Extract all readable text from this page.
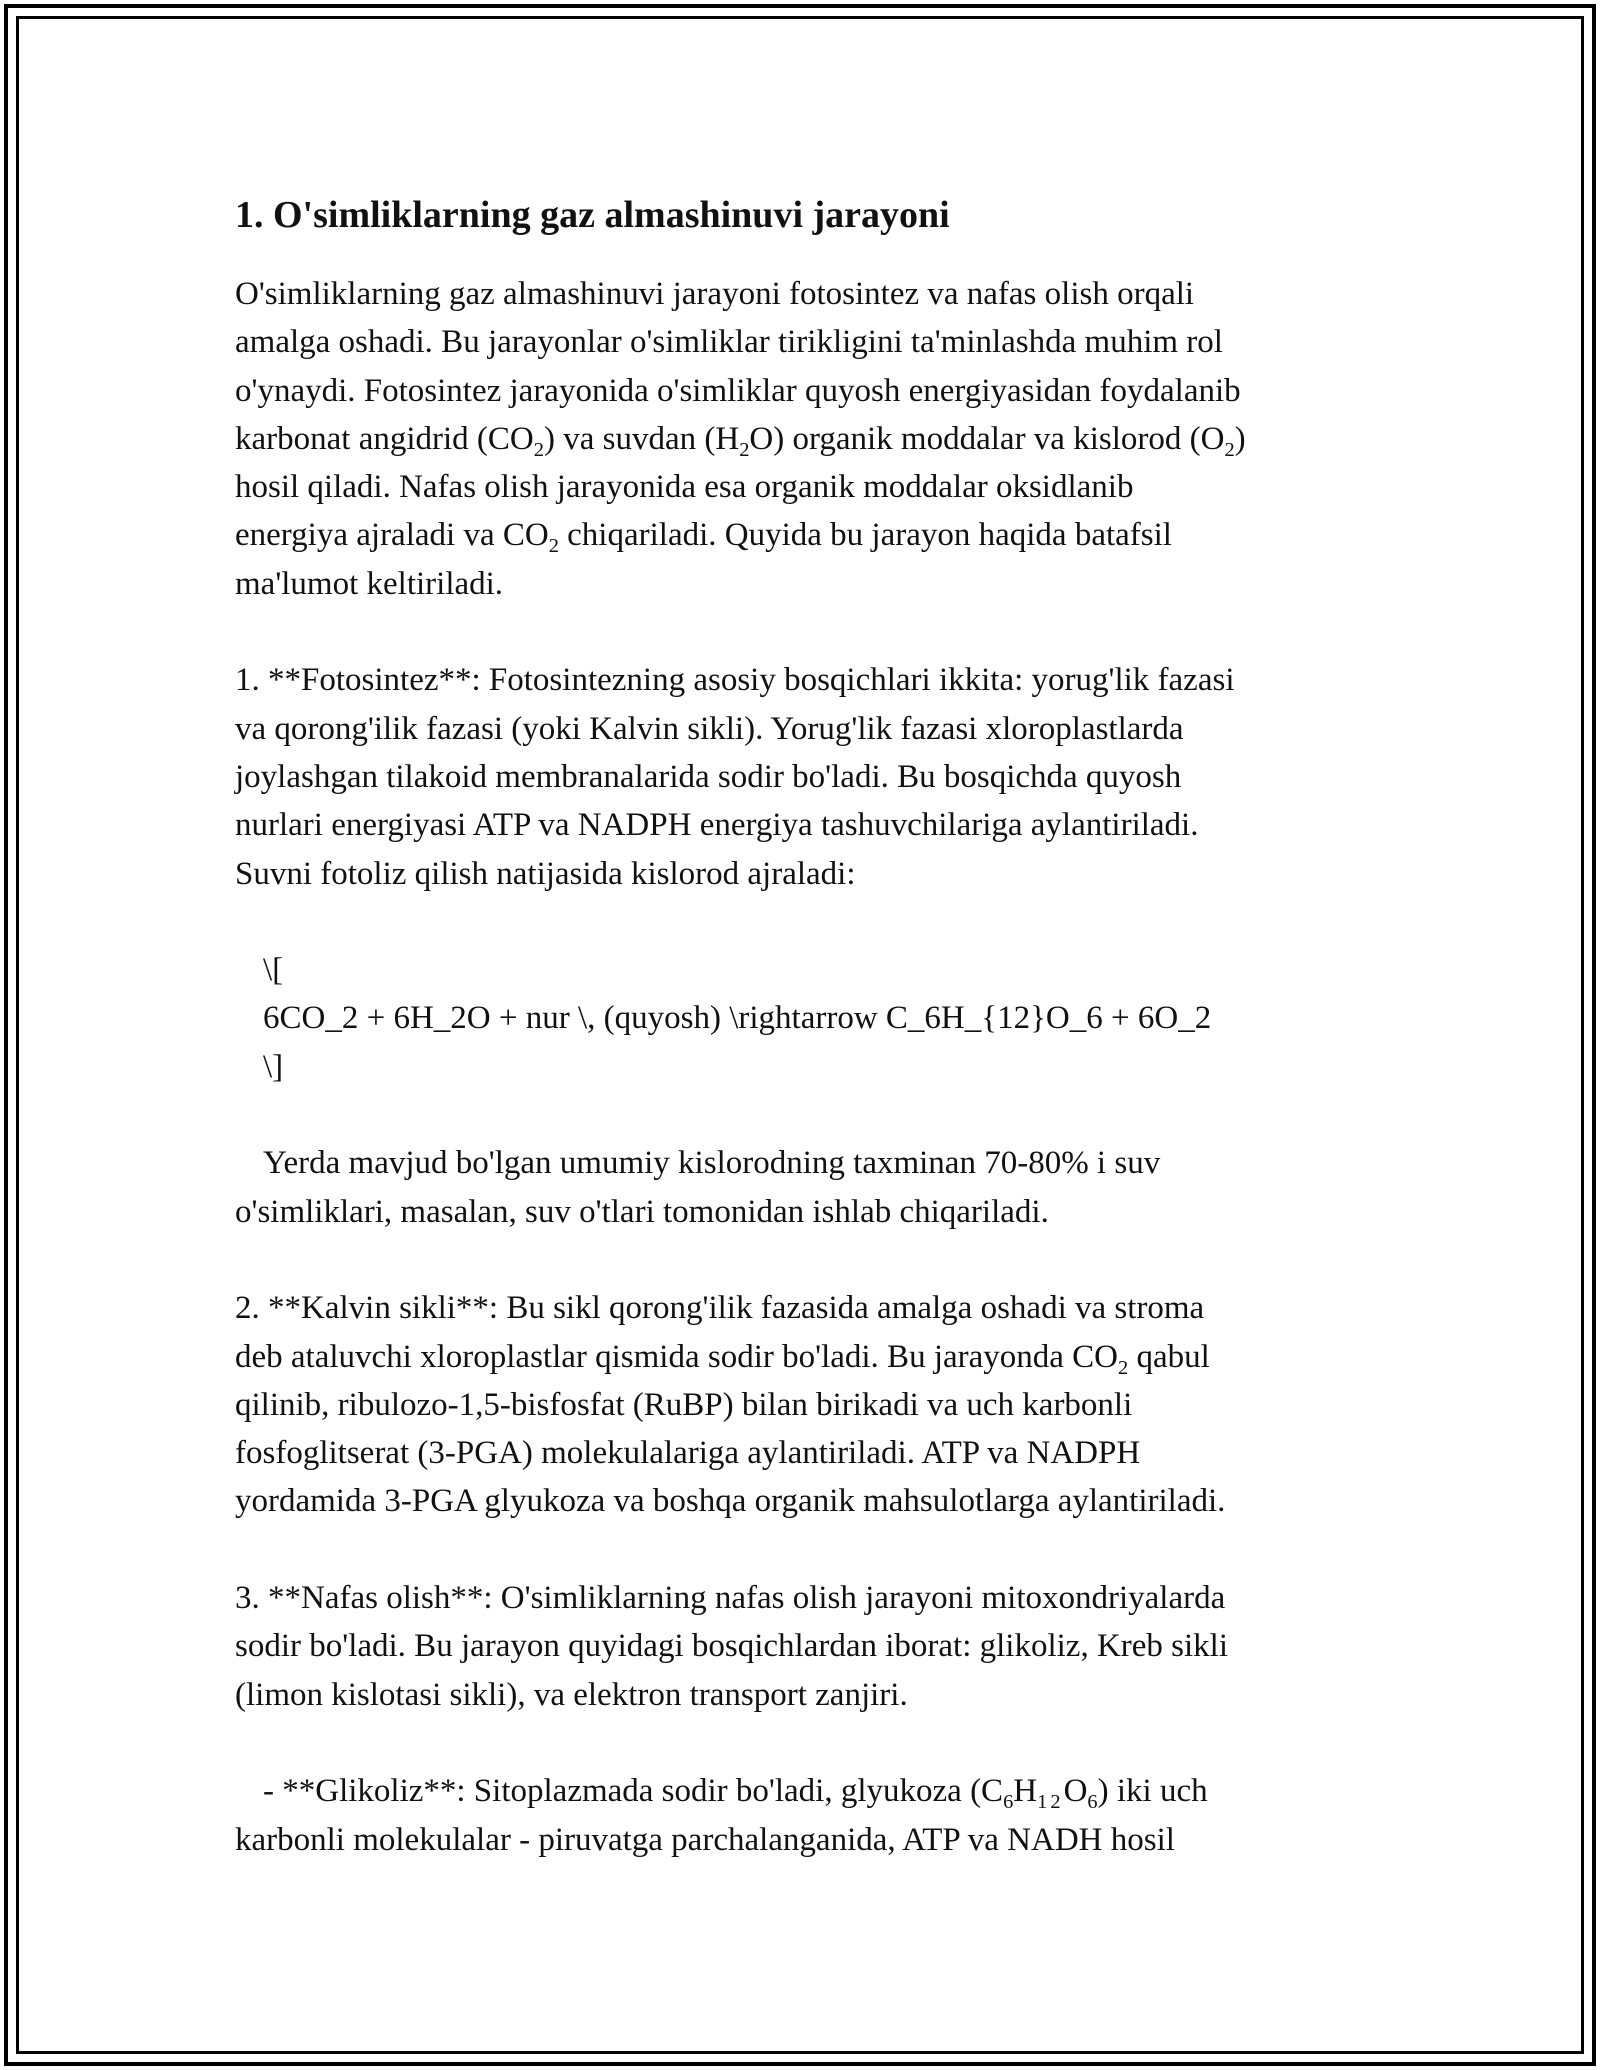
1. O'simliklarning gaz almashinuvi jarayoni
O'simliklarning gaz almashinuvi jarayoni fotosintez va nafas olish orqali
amalga oshadi. Bu jarayonlar o'simliklar tirikligini ta'minlashda muhim rol
o'ynaydi. Fotosintez jarayonida o'simliklar quyosh energiyasidan foydalanib
karbonat angidrid $(CO_2)$ va suvdan $(H_2O)$ organik moddalar va kislorod $(O_2)$
hosil qiladi. Nafas olish jarayonida esa organik moddalar oksidlanib
energiya ajraladi va $CO_2$ chiqariladi. Quyida bu jarayon haqida batafsil
ma'lumot keltiriladi.
1. **Fotosintez**: Fotosintezning asosiy bosqichlari ikkita: yorug'lik fazasi
va qorong'ilik fazasi (yoki Kalvin sikli). Yorug'lik fazasi xloroplastlarda
joylashgan tilakoid membranalarida sodir bo'ladi. Bu bosqichda quyosh
nurlari energiyasi ATP va NADPH energiya tashuvchilariga aylantiriladi.
Suvni fotoliz qilish natijasida kislorod ajraladi:
\[
6CO_2 + 6H_2O + nur \, (quyosh) \rightarrow C_6H_{12}O_6 + 6O_2
\]
Yerda mavjud bo'lgan umumiy kislorodning taxminan 70-80% i suv
o'simliklari, masalan, suv o'tlari tomonidan ishlab chiqariladi.
2. **Kalvin sikli**: Bu sikl qorong'ilik fazasida amalga oshadi va stroma
deb ataluvchi xloroplastlar qismida sodir bo'ladi. Bu jarayonda $CO_2$ qabul
qilinib, ribulozo-1,5-bisfosfat (RuBP) bilan birikadi va uch karbonli
fosfoglitserat (3-PGA) molekulalariga aylantiriladi. ATP va NADPH
yordamida 3-PGA glyukoza va boshqa organik mahsulotlarga aylantiriladi.
3. **Nafas olish**: O'simliklarning nafas olish jarayoni mitoxondriyalarda
sodir bo'ladi. Bu jarayon quyidagi bosqichlardan iborat: glikoliz, Kreb sikli
(limon kislotasi sikli), va elektron transport zanjiri.
- **Glikoliz**: Sitoplazmada sodir bo'ladi, glyukoza $(C_6H_{12}O_6)$ iki uch
karbonli molekulalar - piruvatga parchalanganida, ATP va NADH hosil
